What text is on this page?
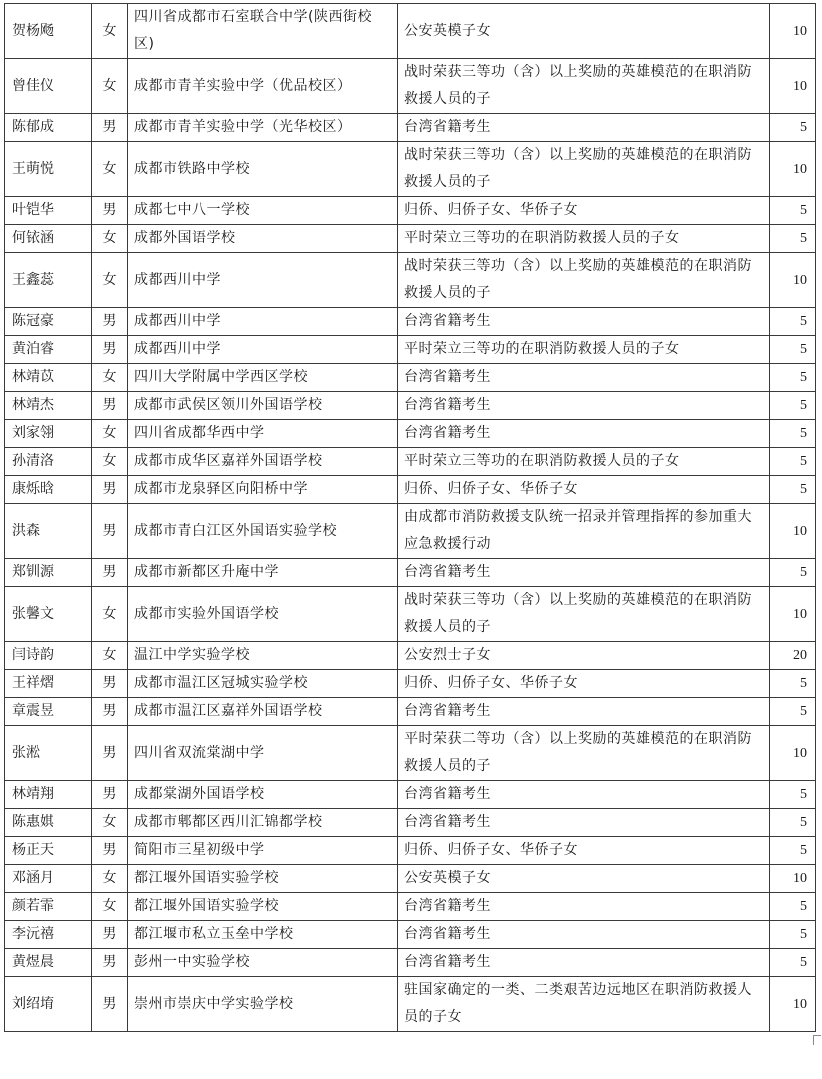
贺杨飏	女	四川省成都市石室联合中学(陕西街校区)	公安英模子女	10
曾佳仪	女	成都市青羊实验中学（优品校区）	战时荣获三等功（含）以上奖励的英雄模范的在职消防救援人员的子	10
陈郁成	男	成都市青羊实验中学（光华校区）	台湾省籍考生	5
王萌悦	女	成都市铁路中学校	战时荣获三等功（含）以上奖励的英雄模范的在职消防救援人员的子	10
叶铠华	男	成都七中八一学校	归侨、归侨子女、华侨子女	5
何铱涵	女	成都外国语学校	平时荣立三等功的在职消防救援人员的子女	5
王鑫蕊	女	成都西川中学	战时荣获三等功（含）以上奖励的英雄模范的在职消防救援人员的子	10
陈冠豪	男	成都西川中学	台湾省籍考生	5
黄泊睿	男	成都西川中学	平时荣立三等功的在职消防救援人员的子女	5
林靖苡	女	四川大学附属中学西区学校	台湾省籍考生	5
林靖杰	男	成都市武侯区领川外国语学校	台湾省籍考生	5
刘家翎	女	四川省成都华西中学	台湾省籍考生	5
孙清洛	女	成都市成华区嘉祥外国语学校	平时荣立三等功的在职消防救援人员的子女	5
康烁晗	男	成都市龙泉驿区向阳桥中学	归侨、归侨子女、华侨子女	5
洪森	男	成都市青白江区外国语实验学校	由成都市消防救援支队统一招录并管理指挥的参加重大应急救援行动	10
郑钏源	男	成都市新都区升庵中学	台湾省籍考生	5
张馨文	女	成都市实验外国语学校	战时荣获三等功（含）以上奖励的英雄模范的在职消防救援人员的子	10
闫诗韵	女	温江中学实验学校	公安烈士子女	20
王祥熠	男	成都市温江区冠城实验学校	归侨、归侨子女、华侨子女	5
章震昱	男	成都市温江区嘉祥外国语学校	台湾省籍考生	5
张淞	男	四川省双流棠湖中学	平时荣获二等功（含）以上奖励的英雄模范的在职消防救援人员的子	10
林靖翔	男	成都棠湖外国语学校	台湾省籍考生	5
陈惠娸	女	成都市郫都区西川汇锦都学校	台湾省籍考生	5
杨正天	男	简阳市三星初级中学	归侨、归侨子女、华侨子女	5
邓涵月	女	都江堰外国语实验学校	公安英模子女	10
颜若霏	女	都江堰外国语实验学校	台湾省籍考生	5
李沅禧	男	都江堰市私立玉垒中学校	台湾省籍考生	5
黄煜晨	男	彭州一中实验学校	台湾省籍考生	5
刘绍堉	男	崇州市崇庆中学实验学校	驻国家确定的一类、二类艰苦边远地区在职消防救援人员的子女	10
